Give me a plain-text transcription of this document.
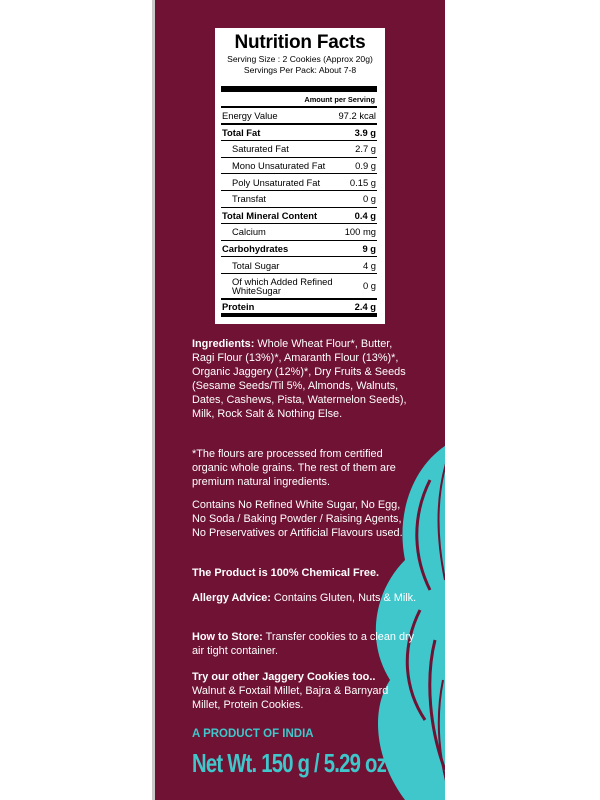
Nutrition Facts
Serving Size : 2 Cookies (Approx 20g)
Servings Per Pack: About 7-8
Amount per Serving
Energy Value	97.2 kcal
Total Fat	3.9 g
Saturated Fat	2.7 g
Mono Unsaturated Fat	0.9 g
Poly Unsaturated Fat	0.15 g
Transfat	0 g
Total Mineral Content	0.4 g
Calcium	100 mg
Carbohydrates	9 g
Total Sugar	4 g
Of which Added Refined WhiteSugar	0 g
Protein	2.4 g

Ingredients: Whole Wheat Flour*, Butter, Ragi Flour (13%)*, Amaranth Flour (13%)*, Organic Jaggery (12%)*, Dry Fruits & Seeds (Sesame Seeds/Til 5%, Almonds, Walnuts, Dates, Cashews, Pista, Watermelon Seeds), Milk, Rock Salt & Nothing Else.

*The flours are processed from certified organic whole grains. The rest of them are premium natural ingredients.

Contains No Refined White Sugar, No Egg, No Soda / Baking Powder / Raising Agents, No Preservatives or Artificial Flavours used.

The Product is 100% Chemical Free.

Allergy Advice: Contains Gluten, Nuts & Milk.

How to Store: Transfer cookies to a clean dry air tight container.

Try our other Jaggery Cookies too..

Walnut & Foxtail Millet, Bajra & Barnyard Millet, Protein Cookies.

A PRODUCT OF INDIA
Net Wt. 150 g / 5.29 oz
